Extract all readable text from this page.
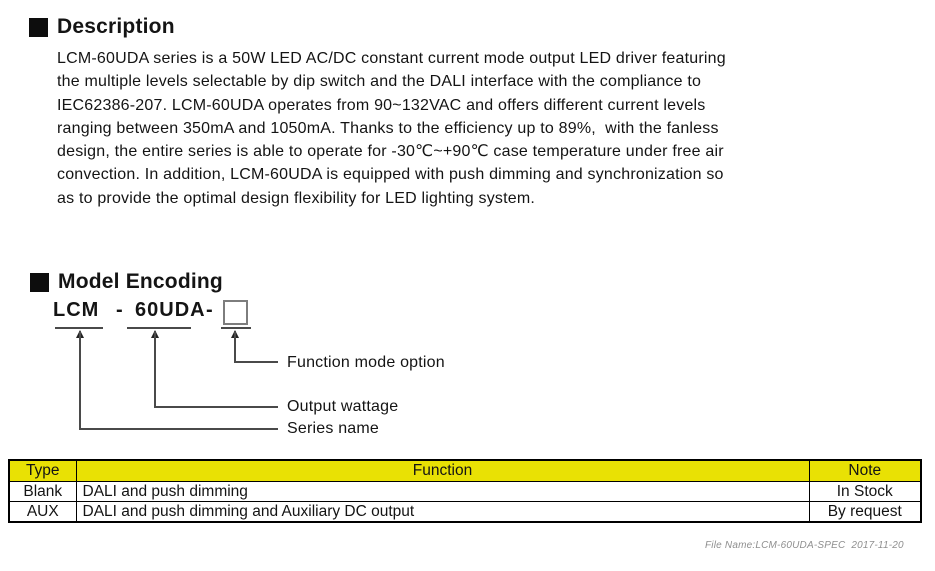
Description
LCM-60UDA series is a 50W LED AC/DC constant current mode output LED driver featuring
the multiple levels selectable by dip switch and the DALI interface with the compliance to
IEC62386-207. LCM-60UDA operates from 90~132VAC and offers different current levels
ranging between 350mA and 1050mA. Thanks to the efficiency up to 89%,  with the fanless
design, the entire series is able to operate for -30℃~+90℃ case temperature under free air
convection. In addition, LCM-60UDA is equipped with push dimming and synchronization so
as to provide the optimal design flexibility for LED lighting system.
Model Encoding
LCM - 60UDA -
Function mode option
Output wattage
Series name
Type	Function	Note
Blank	DALI and push dimming	In Stock
AUX	DALI and push dimming and Auxiliary DC output	By request
File Name:LCM-60UDA-SPEC  2017-11-20
